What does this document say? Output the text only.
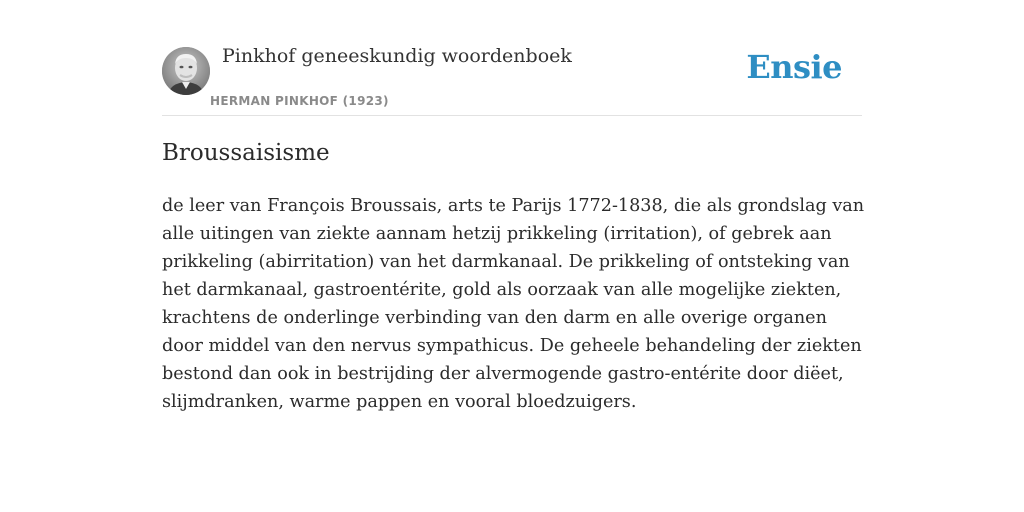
Pinkhof geneeskundig woordenboek
HERMAN PINKHOF (1923)
Ensie
Broussaisisme

de leer van François Broussais, arts te Parijs 1772-1838, die als grondslag van alle uitingen van ziekte aannam hetzij prikkeling (irritation), of gebrek aan prikkeling (abirritation) van het darmkanaal. De prikkeling of ontsteking van het darmkanaal, gastroentérite, gold als oorzaak van alle mogelijke ziekten, krachtens de onderlinge verbinding van den darm en alle overige organen door middel van den nervus sympathicus. De geheele behandeling der ziekten bestond dan ook in bestrijding der alvermogende gastro-entérite door diëet, slijmdranken, warme pappen en vooral bloedzuigers.
